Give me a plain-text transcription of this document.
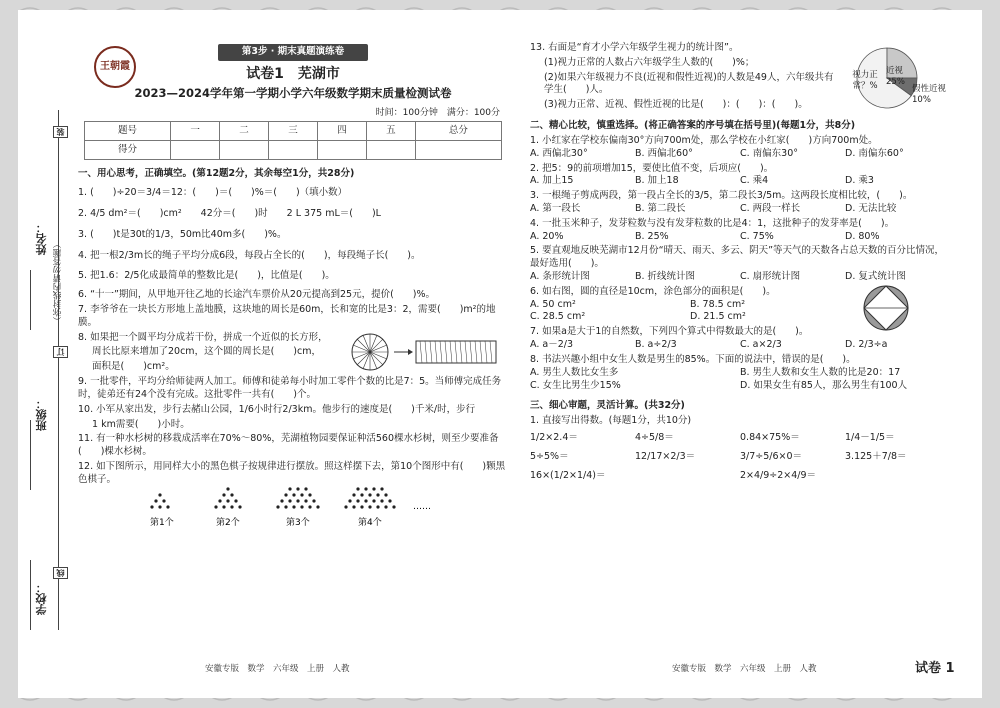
姓名：
班级：
学校：
（弥封线内请勿答题）
装
订
线
王朝霞
第3步 · 期末真题演练卷
试卷1　芜湖市
2023—2024学年第一学期小学六年级数学期末质量检测试卷
时间：100分钟　满分：100分
题号	一	二	三	四	五	总分
得分						
一、用心思考，正确填空。(第12题2分，其余每空1分，共28分)
1. (　　)÷20＝3/4＝12：(　　)＝(　　)%＝(　　)（填小数）
2. 4/5 dm²＝(　　)cm²　　42分＝(　　)时　　2 L 375 mL＝(　　)L
3. (　　)t是30t的1/3，50m比40m多(　　)%。
4. 把一根2/3m长的绳子平均分成6段，每段占全长的(　　)，每段绳子长(　　)。
5. 把1.6：2/5化成最简单的整数比是(　　)，比值是(　　)。
6. “十一”期间，从甲地开往乙地的长途汽车票价从20元提高到25元，提价(　　)%。
7. 李爷爷在一块长方形地上盖地膜，这块地的周长是60m，长和宽的比是3：2，需要(　　)m²的地膜。
8. 如果把一个圆平均分成若干份，拼成一个近似的长方形，
周长比原来增加了20cm，这个圆的周长是(　　)cm，
面积是(　　)cm²。
9. 一批零件，平均分给师徒两人加工。师傅和徒弟每小时加工零件个数的比是7：5。当师傅完成任务时，徒弟还有24个没有完成。这批零件一共有(　　)个。
10. 小军从家出发，步行去赭山公园，1/6小时行2/3km。他步行的速度是(　　)千米/时，步行
1 km需要(　　)小时。
11. 有一种水杉树的移栽成活率在70%～80%，芜湖植物园要保证种活560棵水杉树，则至少要准备(　　)棵水杉树。
12. 如下图所示，用同样大小的黑色棋子按规律进行摆放。照这样摆下去，第10个图形中有(　　)颗黑色棋子。
第1个	第2个	第3个	第4个
……
13. 右面是“育才小学六年级学生视力的统计图”。
(1)视力正常的人数占六年级学生人数的(　　)%；
(2)如果六年级视力不良(近视和假性近视)的人数是49人，六年级共有学生(　　)人。
(3)视力正常、近视、假性近视的比是(　　)：(　　)：(　　)。
视力正常？%
近视25%
假性近视10%
二、精心比较，慎重选择。(将正确答案的序号填在括号里)(每题1分，共8分)
1. 小红家在学校东偏南30°方向700m处，那么学校在小红家(　　)方向700m处。
A. 西偏北30°	B. 西偏北60°	C. 南偏东30°	D. 南偏东60°
2. 把5：9的前项增加15，要使比值不变，后项应(　　)。
A. 加上15	B. 加上18	C. 乘4	D. 乘3
3. 一根绳子剪成两段，第一段占全长的3/5，第二段长3/5m。这两段长度相比较，(　　)。
A. 第一段长	B. 第二段长	C. 两段一样长	D. 无法比较
4. 一批玉米种子，发芽粒数与没有发芽粒数的比是4：1，这批种子的发芽率是(　　)。
A. 20%	B. 25%	C. 75%	D. 80%
5. 要直观地反映芜湖市12月份“晴天、雨天、多云、阴天”等天气的天数各占总天数的百分比情况，最好选用(　　)。
A. 条形统计图	B. 折线统计图	C. 扇形统计图	D. 复式统计图
6. 如右图，圆的直径是10cm，涂色部分的面积是(　　)。
A. 50 cm²	B. 78.5 cm²
C. 28.5 cm²	D. 21.5 cm²
7. 如果a是大于1的自然数，下列四个算式中得数最大的是(　　)。
A. a－2/3	B. a÷2/3	C. a×2/3	D. 2/3÷a
8. 书法兴趣小组中女生人数是男生的85%。下面的说法中，错误的是(　　)。
A. 男生人数比女生多	B. 男生人数和女生人数的比是20：17
C. 女生比男生少15%	D. 如果女生有85人，那么男生有100人
三、细心审题，灵活计算。(共32分)
1. 直接写出得数。(每题1分，共10分)
1/2×2.4＝	4÷5/8＝	0.84×75%＝	1/4－1/5＝
5÷5%＝	12/17×2/3＝	3/7÷5/6×0＝	3.125＋7/8＝
16×(1/2×1/4)＝	2×4/9÷2×4/9＝
安徽专版　数学　六年级　上册　人教	安徽专版　数学　六年级　上册　人教	试卷 1
